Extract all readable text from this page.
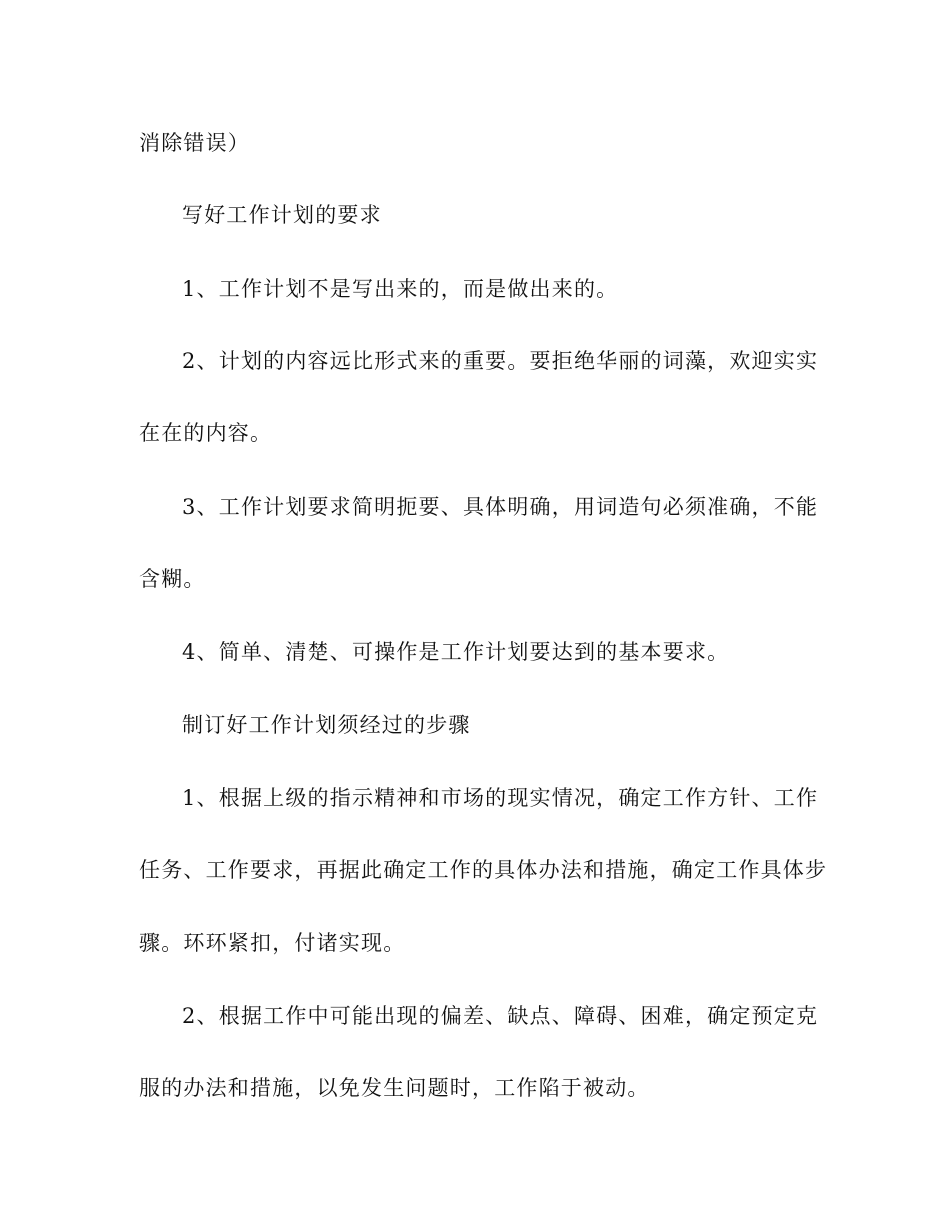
消除错误）

写好工作计划的要求

1、工作计划不是写出来的，而是做出来的。

2、计划的内容远比形式来的重要。要拒绝华丽的词藻，欢迎实实

在在的内容。

3、工作计划要求简明扼要、具体明确，用词造句必须准确，不能

含糊。

4、简单、清楚、可操作是工作计划要达到的基本要求。

制订好工作计划须经过的步骤

1、根据上级的指示精神和市场的现实情况，确定工作方针、工作

任务、工作要求，再据此确定工作的具体办法和措施，确定工作具体步

骤。环环紧扣，付诸实现。

2、根据工作中可能出现的偏差、缺点、障碍、困难，确定预定克

服的办法和措施，以免发生问题时，工作陷于被动。
